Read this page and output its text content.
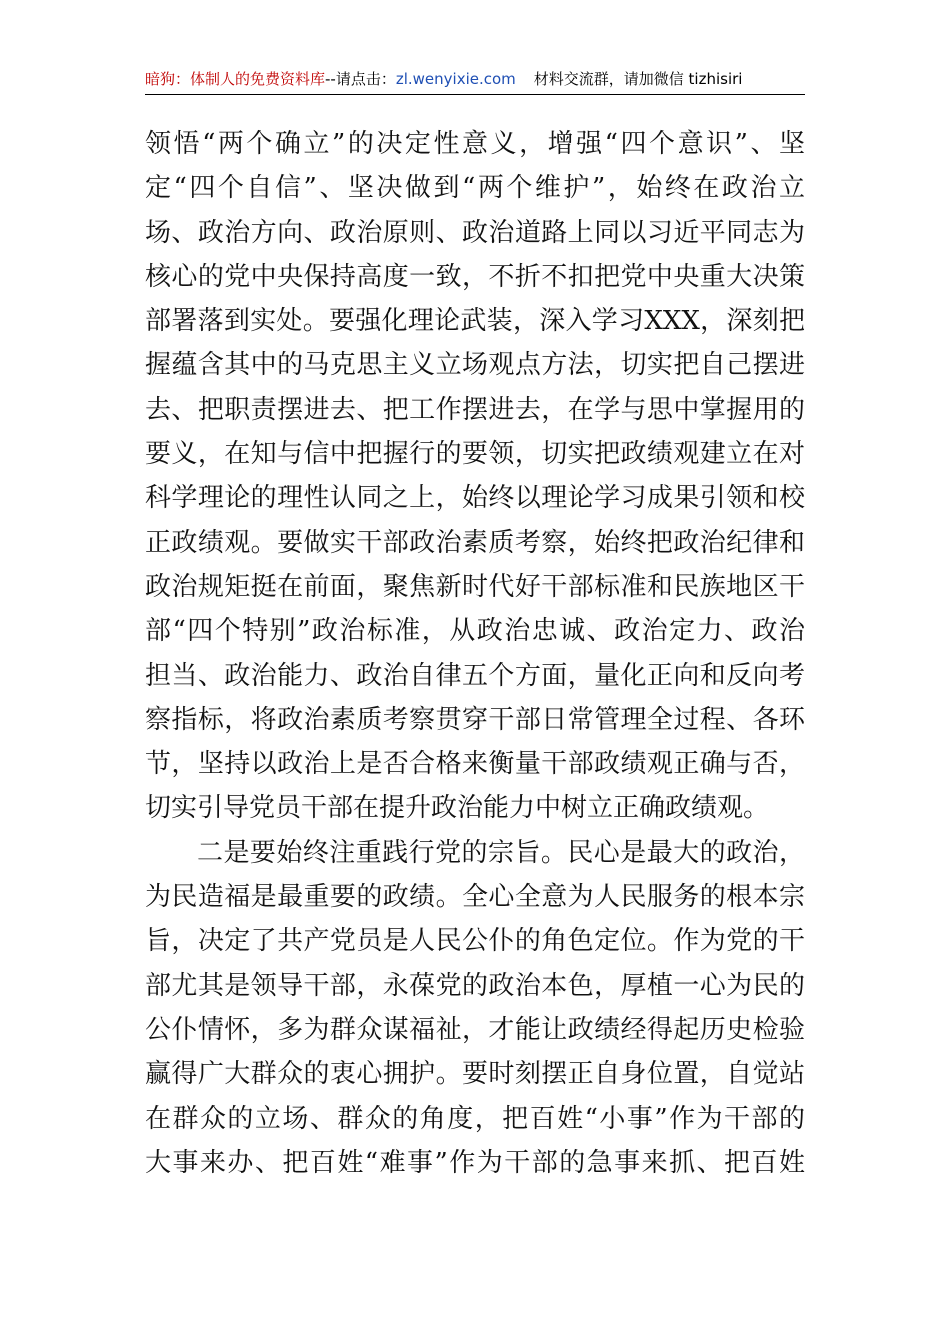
暗狗：体制人的免费资料库--请点击：zl.wenyixie.com 材料交流群，请加微信 tizhisiri
领悟“两个确立”的决定性意义，增强“四个意识”、坚
定“四个自信”、坚决做到“两个维护”，始终在政治立
场、政治方向、政治原则、政治道路上同以习近平同志为
核心的党中央保持高度一致，不折不扣把党中央重大决策
部署落到实处。要强化理论武装，深入学习XXX，深刻把
握蕴含其中的马克思主义立场观点方法，切实把自己摆进
去、把职责摆进去、把工作摆进去，在学与思中掌握用的
要义，在知与信中把握行的要领，切实把政绩观建立在对
科学理论的理性认同之上，始终以理论学习成果引领和校
正政绩观。要做实干部政治素质考察，始终把政治纪律和
政治规矩挺在前面，聚焦新时代好干部标准和民族地区干
部“四个特别”政治标准，从政治忠诚、政治定力、政治
担当、政治能力、政治自律五个方面，量化正向和反向考
察指标，将政治素质考察贯穿干部日常管理全过程、各环
节，坚持以政治上是否合格来衡量干部政绩观正确与否，
切实引导党员干部在提升政治能力中树立正确政绩观。
二是要始终注重践行党的宗旨。民心是最大的政治，
为民造福是最重要的政绩。全心全意为人民服务的根本宗
旨，决定了共产党员是人民公仆的角色定位。作为党的干
部尤其是领导干部，永葆党的政治本色，厚植一心为民的
公仆情怀，多为群众谋福祉，才能让政绩经得起历史检验
赢得广大群众的衷心拥护。要时刻摆正自身位置，自觉站
在群众的立场、群众的角度，把百姓“小事”作为干部的
大事来办、把百姓“难事”作为干部的急事来抓、把百姓
